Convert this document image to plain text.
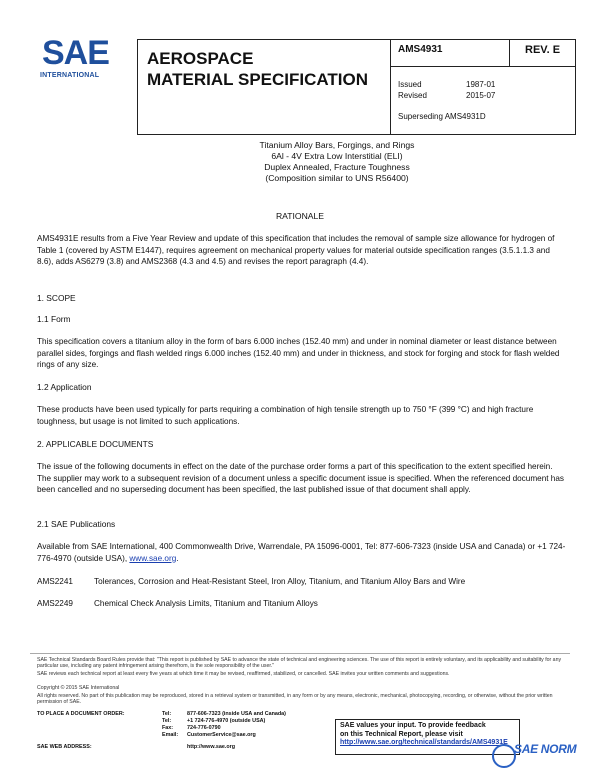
SAE
INTERNATIONAL
AEROSPACE
MATERIAL SPECIFICATION
AMS4931	REV. E
Issued	1987-01
Revised	2015-07
Superseding AMS4931D
Titanium Alloy Bars, Forgings, and Rings
6Al - 4V Extra Low Interstitial (ELI)
Duplex Annealed, Fracture Toughness
(Composition similar to UNS R56400)
RATIONALE
AMS4931E results from a Five Year Review and update of this specification that includes the removal of sample size allowance for hydrogen of Table 1 (covered by ASTM E1447), requires agreement on mechanical property values for material outside specification ranges (3.5.1.1.3 and 8.6), adds AS6279 (3.8) and AMS2368 (4.3 and 4.5) and revises the report paragraph (4.4).
1. SCOPE
1.1 Form
This specification covers a titanium alloy in the form of bars 6.000 inches (152.40 mm) and under in nominal diameter or least distance between parallel sides, forgings and flash welded rings 6.000 inches (152.40 mm) and under in thickness, and stock for forging and stock for flash welded rings of any size.
1.2 Application
These products have been used typically for parts requiring a combination of high tensile strength up to 750 °F (399 °C) and high fracture toughness, but usage is not limited to such applications.
2. APPLICABLE DOCUMENTS
The issue of the following documents in effect on the date of the purchase order forms a part of this specification to the extent specified herein. The supplier may work to a subsequent revision of a document unless a specific document issue is specified. When the referenced document has been cancelled and no superseding document has been specified, the last published issue of that document shall apply.
2.1 SAE Publications
Available from SAE International, 400 Commonwealth Drive, Warrendale, PA 15096-0001, Tel: 877-606-7323 (inside USA and Canada) or +1 724-776-4970 (outside USA), www.sae.org.
AMS2241	Tolerances, Corrosion and Heat-Resistant Steel, Iron Alloy, Titanium, and Titanium Alloy Bars and Wire
AMS2249	Chemical Check Analysis Limits, Titanium and Titanium Alloys
SAE Technical Standards Board Rules provide that: "This report is published by SAE to advance the state of technical and engineering sciences. The use of this report is entirely voluntary, and its applicability and suitability for any particular use, including any patent infringement arising therefrom, is the sole responsibility of the user."
SAE reviews each technical report at least every five years at which time it may be revised, reaffirmed, stabilized, or cancelled. SAE invites your written comments and suggestions.
Copyright © 2015 SAE International
All rights reserved. No part of this publication may be reproduced, stored in a retrieval system or transmitted, in any form or by any means, electronic, mechanical, photocopying, recording, or otherwise, without the prior written permission of SAE.
TO PLACE A DOCUMENT ORDER:	Tel:	877-606-7323 (inside USA and Canada)
Tel:	+1 724-776-4970 (outside USA)
Fax:	724-776-0790
Email: CustomerService@sae.org
SAE WEB ADDRESS:	http://www.sae.org
SAE values your input. To provide feedback
on this Technical Report, please visit
http://www.sae.org/technical/standards/AMS4931E SAE NORM
